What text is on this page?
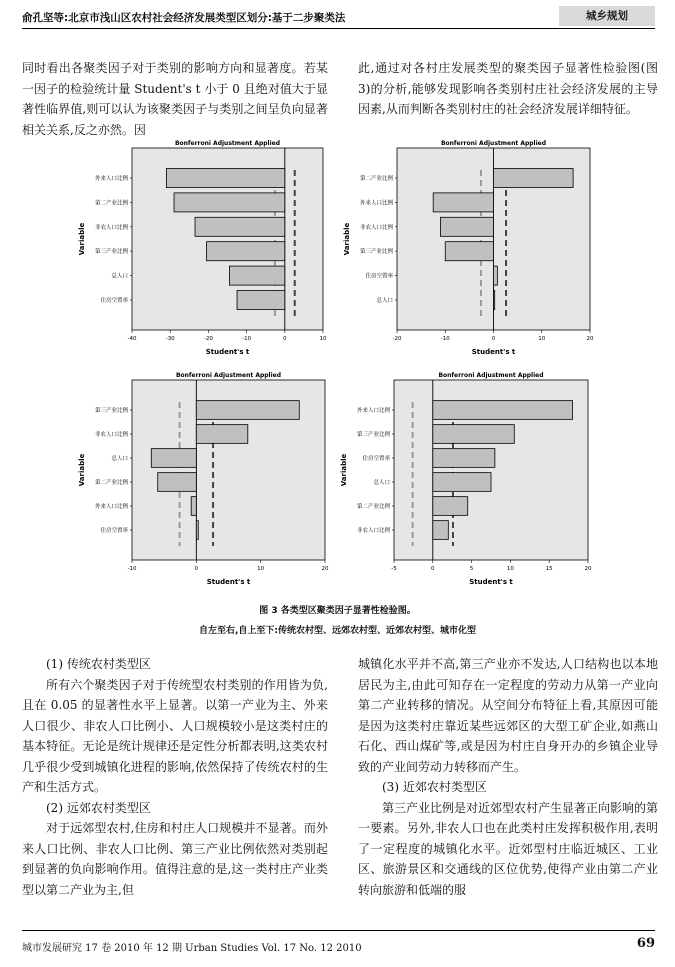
俞孔坚等:北京市浅山区农村社会经济发展类型区划分:基于二步聚类法	城乡规划

同时看出各聚类因子对于类别的影响方向和显著度。若某一因子的检验统计量 Student's t 小于 0 且绝对值大于显著性临界值,则可以认为该聚类因子与类别之间呈负向显著相关关系,反之亦然。因

此,通过对各村庄发展类型的聚类因子显著性检验图(图 3)的分析,能够发现影响各类别村庄社会经济发展的主导因素,从而判断各类别村庄的社会经济发展详细特征。

Bonferroni Adjustment Applied
外来人口比例
第二产业比例
非农人口比例
第三产业比例
总人口
住房空置率
-40	-30	-20	-10	0	10
Student's t
Variable
Bonferroni Adjustment Applied
第二产业比例
外来人口比例
非农人口比例
第三产业比例
住房空置率
总人口
-20	-10	0	10	20
Student's t
Variable
Bonferroni Adjustment Applied
第三产业比例
非农人口比例
总人口
第二产业比例
外来人口比例
住房空置率
-10	0	10	20
Student's t
Variable
Bonferroni Adjustment Applied
外来人口比例
第三产业比例
住房空置率
总人口
第二产业比例
非农人口比例
-5	0	5	10	15	20
Student's t
Variable
图 3 各类型区聚类因子显著性检验图。
自左至右,自上至下:传统农村型、远郊农村型、近郊农村型、城市化型

(1) 传统农村类型区

所有六个聚类因子对于传统型农村类别的作用皆为负,且在 0.05 的显著性水平上显著。以第一产业为主、外来人口很少、非农人口比例小、人口规模较小是这类村庄的基本特征。无论是统计规律还是定性分析都表明,这类农村几乎很少受到城镇化进程的影响,依然保持了传统农村的生产和生活方式。

(2) 远郊农村类型区

对于远郊型农村,住房和村庄人口规模并不显著。而外来人口比例、非农人口比例、第三产业比例依然对类别起到显著的负向影响作用。值得注意的是,这一类村庄产业类型以第二产业为主,但

城镇化水平并不高,第三产业亦不发达,人口结构也以本地居民为主,由此可知存在一定程度的劳动力从第一产业向第二产业转移的情况。从空间分布特征上看,其原因可能是因为这类村庄靠近某些远郊区的大型工矿企业,如燕山石化、西山煤矿等,或是因为村庄自身开办的乡镇企业导致的产业间劳动力转移而产生。

(3) 近郊农村类型区

第三产业比例是对近郊型农村产生显著正向影响的第一要素。另外,非农人口也在此类村庄发挥积极作用,表明了一定程度的城镇化水平。近郊型村庄临近城区、工业区、旅游景区和交通线的区位优势,使得产业由第二产业转向旅游和低端的服

城市发展研究 17 卷 2010 年 12 期 Urban Studies Vol. 17 No. 12 2010	69
